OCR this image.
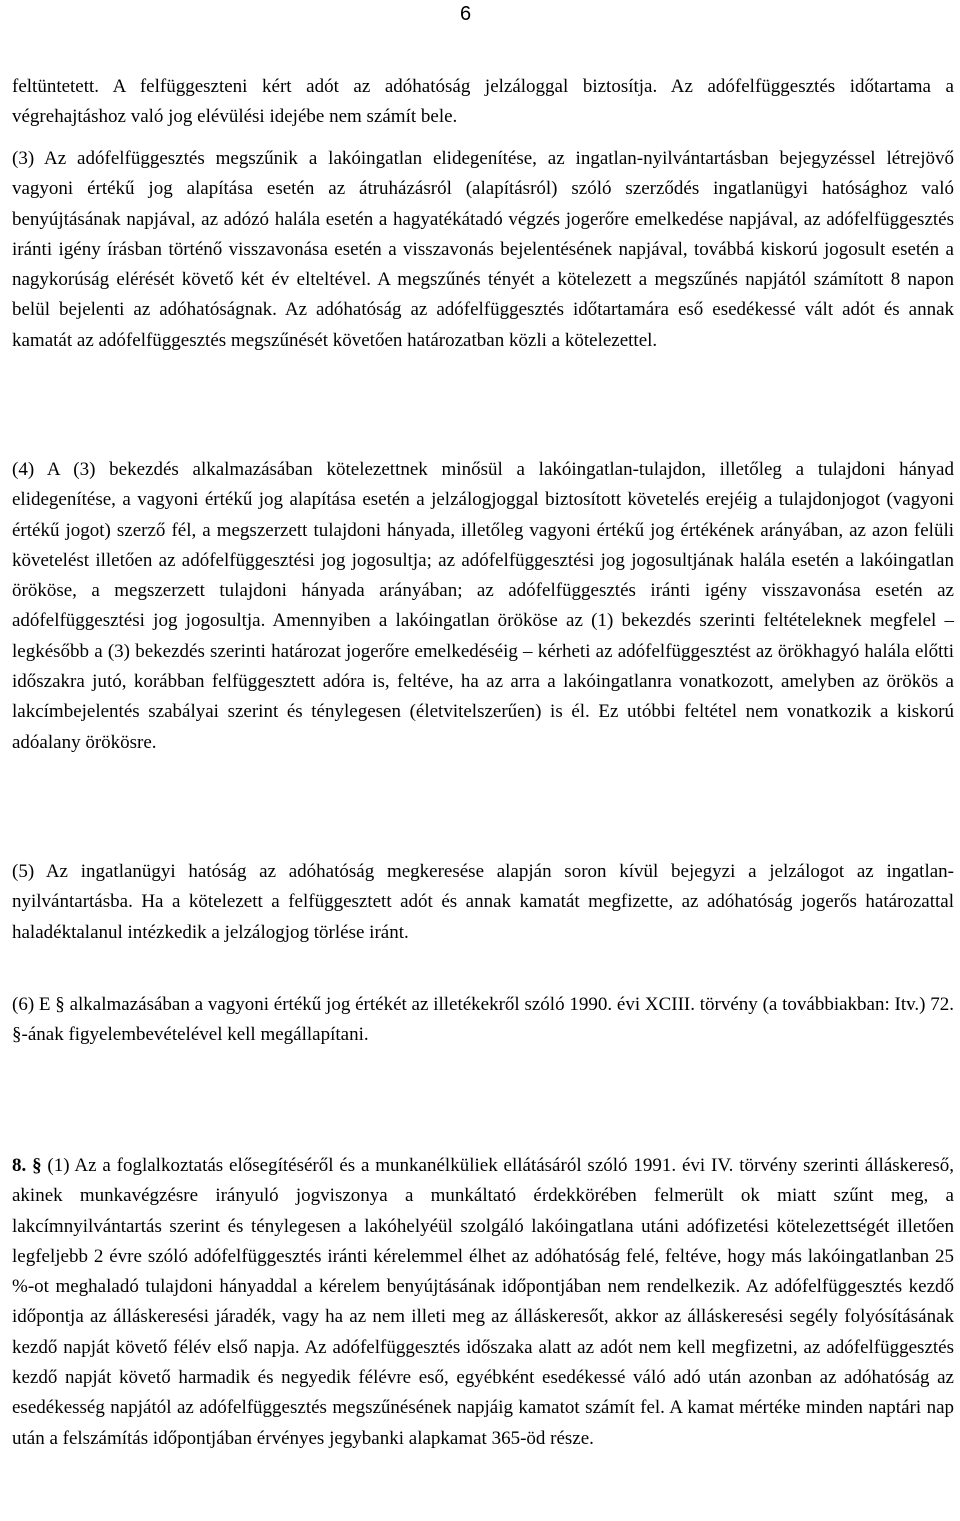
6

feltüntetett. A felfüggeszteni kért adót az adóhatóság jelzáloggal biztosítja. Az adófelfüggesztés időtartama a végrehajtáshoz való jog elévülési idejébe nem számít bele.

(3) Az adófelfüggesztés megszűnik a lakóingatlan elidegenítése, az ingatlan-nyilvántartásban bejegyzéssel létrejövő vagyoni értékű jog alapítása esetén az átruházásról (alapításról) szóló szerződés ingatlanügyi hatósághoz való benyújtásának napjával, az adózó halála esetén a hagyatékátadó végzés jogerőre emelkedése napjával, az adófelfüggesztés iránti igény írásban történő visszavonása esetén a visszavonás bejelentésének napjával, továbbá kiskorú jogosult esetén a nagykorúság elérését követő két év elteltével. A megszűnés tényét a kötelezett a megszűnés napjától számított 8 napon belül bejelenti az adóhatóságnak. Az adóhatóság az adófelfüggesztés időtartamára eső esedékessé vált adót és annak kamatát az adófelfüggesztés megszűnését követően határozatban közli a kötelezettel.

(4) A (3) bekezdés alkalmazásában kötelezettnek minősül a lakóingatlan-tulajdon, illetőleg a tulajdoni hányad elidegenítése, a vagyoni értékű jog alapítása esetén a jelzálogjoggal biztosított követelés erejéig a tulajdonjogot (vagyoni értékű jogot) szerző fél, a megszerzett tulajdoni hányada, illetőleg vagyoni értékű jog értékének arányában, az azon felüli követelést illetően az adófelfüggesztési jog jogosultja; az adófelfüggesztési jog jogosultjának halála esetén a lakóingatlan örököse, a megszerzett tulajdoni hányada arányában; az adófelfüggesztés iránti igény visszavonása esetén az adófelfüggesztési jog jogosultja. Amennyiben a lakóingatlan örököse az (1) bekezdés szerinti feltételeknek megfelel – legkésőbb a (3) bekezdés szerinti határozat jogerőre emelkedéséig – kérheti az adófelfüggesztést az örökhagyó halála előtti időszakra jutó, korábban felfüggesztett adóra is, feltéve, ha az arra a lakóingatlanra vonatkozott, amelyben az örökös a lakcímbejelentés szabályai szerint és ténylegesen (életvitelszerűen) is él. Ez utóbbi feltétel nem vonatkozik a kiskorú adóalany örökösre.

(5) Az ingatlanügyi hatóság az adóhatóság megkeresése alapján soron kívül bejegyzi a jelzálogot az ingatlan-nyilvántartásba. Ha a kötelezett a felfüggesztett adót és annak kamatát megfizette, az adóhatóság jogerős határozattal haladéktalanul intézkedik a jelzálogjog törlése iránt.

(6) E § alkalmazásában a vagyoni értékű jog értékét az illetékekről szóló 1990. évi XCIII. törvény (a továbbiakban: Itv.) 72. §-ának figyelembevételével kell megállapítani.

8. § (1) Az a foglalkoztatás elősegítéséről és a munkanélküliek ellátásáról szóló 1991. évi IV. törvény szerinti álláskereső, akinek munkavégzésre irányuló jogviszonya a munkáltató érdekkörében felmerült ok miatt szűnt meg, a lakcímnyilvántartás szerint és ténylegesen a lakóhelyéül szolgáló lakóingatlana utáni adófizetési kötelezettségét illetően legfeljebb 2 évre szóló adófelfüggesztés iránti kérelemmel élhet az adóhatóság felé, feltéve, hogy más lakóingatlanban 25 %-ot meghaladó tulajdoni hányaddal a kérelem benyújtásának időpontjában nem rendelkezik. Az adófelfüggesztés kezdő időpontja az álláskeresési járadék, vagy ha az nem illeti meg az álláskeresőt, akkor az álláskeresési segély folyósításának kezdő napját követő félév első napja. Az adófelfüggesztés időszaka alatt az adót nem kell megfizetni, az adófelfüggesztés kezdő napját követő harmadik és negyedik félévre eső, egyébként esedékessé váló adó után azonban az adóhatóság az esedékesség napjától az adófelfüggesztés megszűnésének napjáig kamatot számít fel. A kamat mértéke minden naptári nap után a felszámítás időpontjában érvényes jegybanki alapkamat 365-öd része.
